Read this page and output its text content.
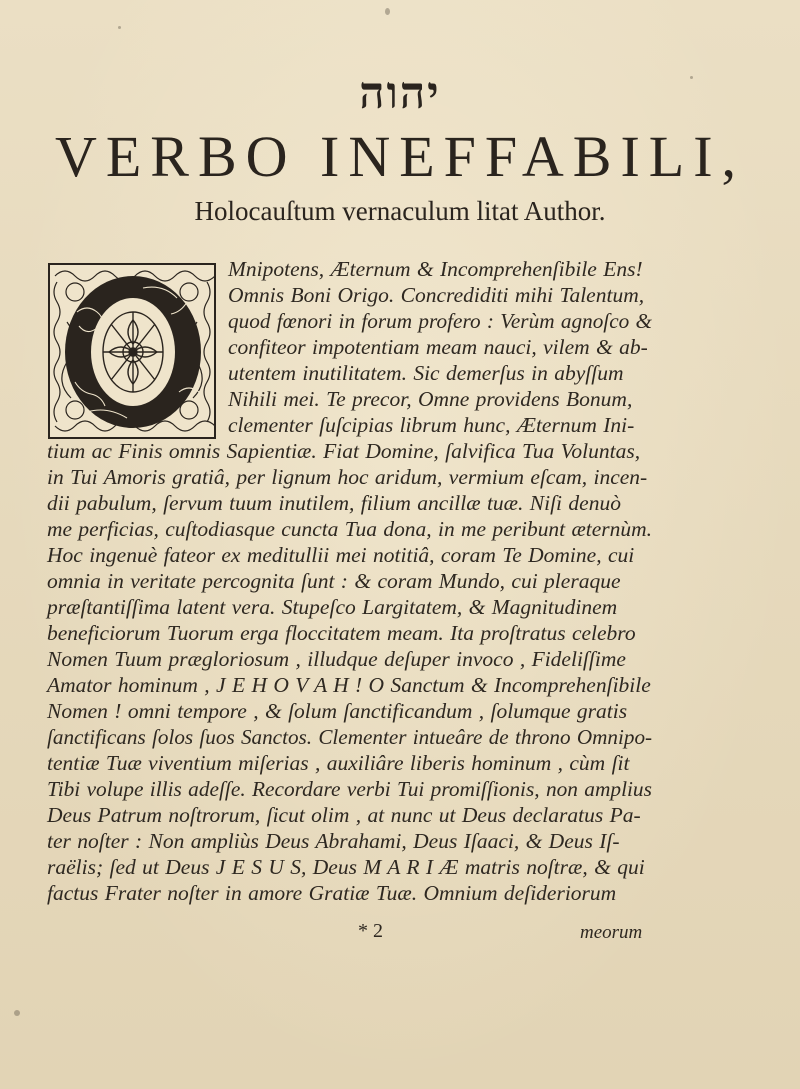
יהוה
VERBO INEFFABILI,
Holocauſtum vernaculum litat Author.
Mnipotens, Æternum & Incomprehenſibile Ens!
Omnis Boni Origo. Concrediditi mihi Talentum,
quod fœnori in forum profero : Verùm agnoſco &
confiteor impotentiam meam nauci, vilem & ab-
utentem inutilitatem. Sic demerſus in abyſſum
Nihili mei. Te precor, Omne providens Bonum,
clementer ſuſcipias librum hunc, Æternum Ini-
tium ac Finis omnis Sapientiæ. Fiat Domine, ſalvifica Tua Voluntas,
in Tui Amoris gratiâ, per lignum hoc aridum, vermium eſcam, incen-
dii pabulum, ſervum tuum inutilem, filium ancillæ tuæ. Niſi denuò
me perficias, cuſtodiasque cuncta Tua dona, in me peribunt æternùm.
Hoc ingenuè fateor ex meditullii mei notitiâ, coram Te Domine, cui
omnia in veritate percognita ſunt : & coram Mundo, cui pleraque
præſtantiſſima latent vera. Stupeſco Largitatem, & Magnitudinem
beneficiorum Tuorum erga floccitatem meam. Ita proſtratus celebro
Nomen Tuum prægloriosum , illudque deſuper invoco , Fideliſſime
Amator hominum , J E H O V A H ! O Sanctum & Incomprehenſibile
Nomen ! omni tempore , & ſolum ſanctificandum , ſolumque gratis
ſanctificans ſolos ſuos Sanctos. Clementer intueâre de throno Omnipo-
tentiæ Tuæ viventium miſerias , auxiliâre liberis hominum , cùm ſit
Tibi volupe illis adeſſe. Recordare verbi Tui promiſſionis, non amplius
Deus Patrum noſtrorum, ſicut olim , at nunc ut Deus declaratus Pa-
ter noſter : Non ampliùs Deus Abrahami, Deus Iſaaci, & Deus Iſ-
raëlis; ſed ut Deus J E S U S, Deus M A R I Æ matris noſtræ, & qui
factus Frater noſter in amore Gratiæ Tuæ. Omnium deſideriorum
* 2	meorum
